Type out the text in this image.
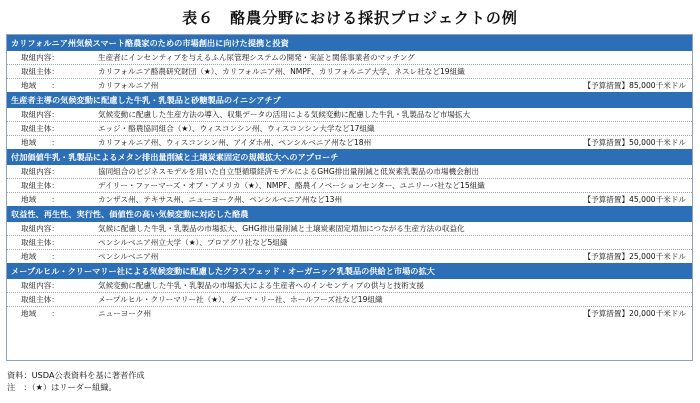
表６　酪農分野における採択プロジェクトの例
カリフォルニア州気候スマート酪農家のための市場創出に向けた提携と投資
取組内容：	生産者にインセンティブを与えるふん尿管理システムの開発・実証と関係事業者のマッチング
取組主体：	カリフォルニア酪農研究財団（★）、カリフォルニア州、NMPF、カリフォルニア大学、ネスレ社など19組織
地域　　：	カリフォルニア州	【予算措置】85,000千米ドル
生産者主導の気候変動に配慮した牛乳・乳製品と砂糖製品のイニシアチブ
取組内容：	気候変動に配慮した生産方法の導入、収集データの活用による気候変動に配慮した牛乳・乳製品など市場拡大
取組主体：	エッジ・酪農協同組合（★）、ウィスコンシン州、ウィスコンシン大学など17組織
地域　　：	カリフォルニア州、ウィスコンシン州、アイダホ州、ペンシルベニア州など18州	【予算措置】50,000千米ドル
付加価値牛乳・乳製品によるメタン排出量削減と土壌炭素固定の規模拡大へのアプローチ
取組内容：	協同組合のビジネスモデルを用いた自立型循環経済モデルによるGHG排出量削減と低炭素乳製品の市場機会創出
取組主体：	デイリー・ファーマーズ・オブ・アメリカ（★）、NMPF、酪農イノベーションセンター、ユニリーバ社など15組織
地域　　：	カンザス州、テキサス州、ニューヨーク州、ペンシルベニア州など13州	【予算措置】45,000千米ドル
収益性、再生性、実行性、価値性の高い気候変動に対応した酪農
取組内容：	気候に配慮した牛乳・乳製品の市場拡大、GHG排出量削減と土壌炭素固定増加につながる生産方法の収益化
取組主体：	ペンシルベニア州立大学（★）、プロアグリ社など5組織
地域　　：	ペンシルベニア州	【予算措置】25,000千米ドル
メープルヒル・クリーマリー社による気候変動に配慮したグラスフェッド・オーガニック乳製品の供給と市場の拡大
取組内容：	気候変動に配慮した牛乳・乳製品の市場拡大による生産者へのインセンティブの供与と技術支援
取組主体：	メープルヒル・クリーマリー社（★）、ダーマ・リー社、ホールフーズ社など19組織
地域　　：	ニューヨーク州	【予算措置】20,000千米ドル
資料：USDA公表資料を基に著者作成
注　：（★）はリーダー組織。
